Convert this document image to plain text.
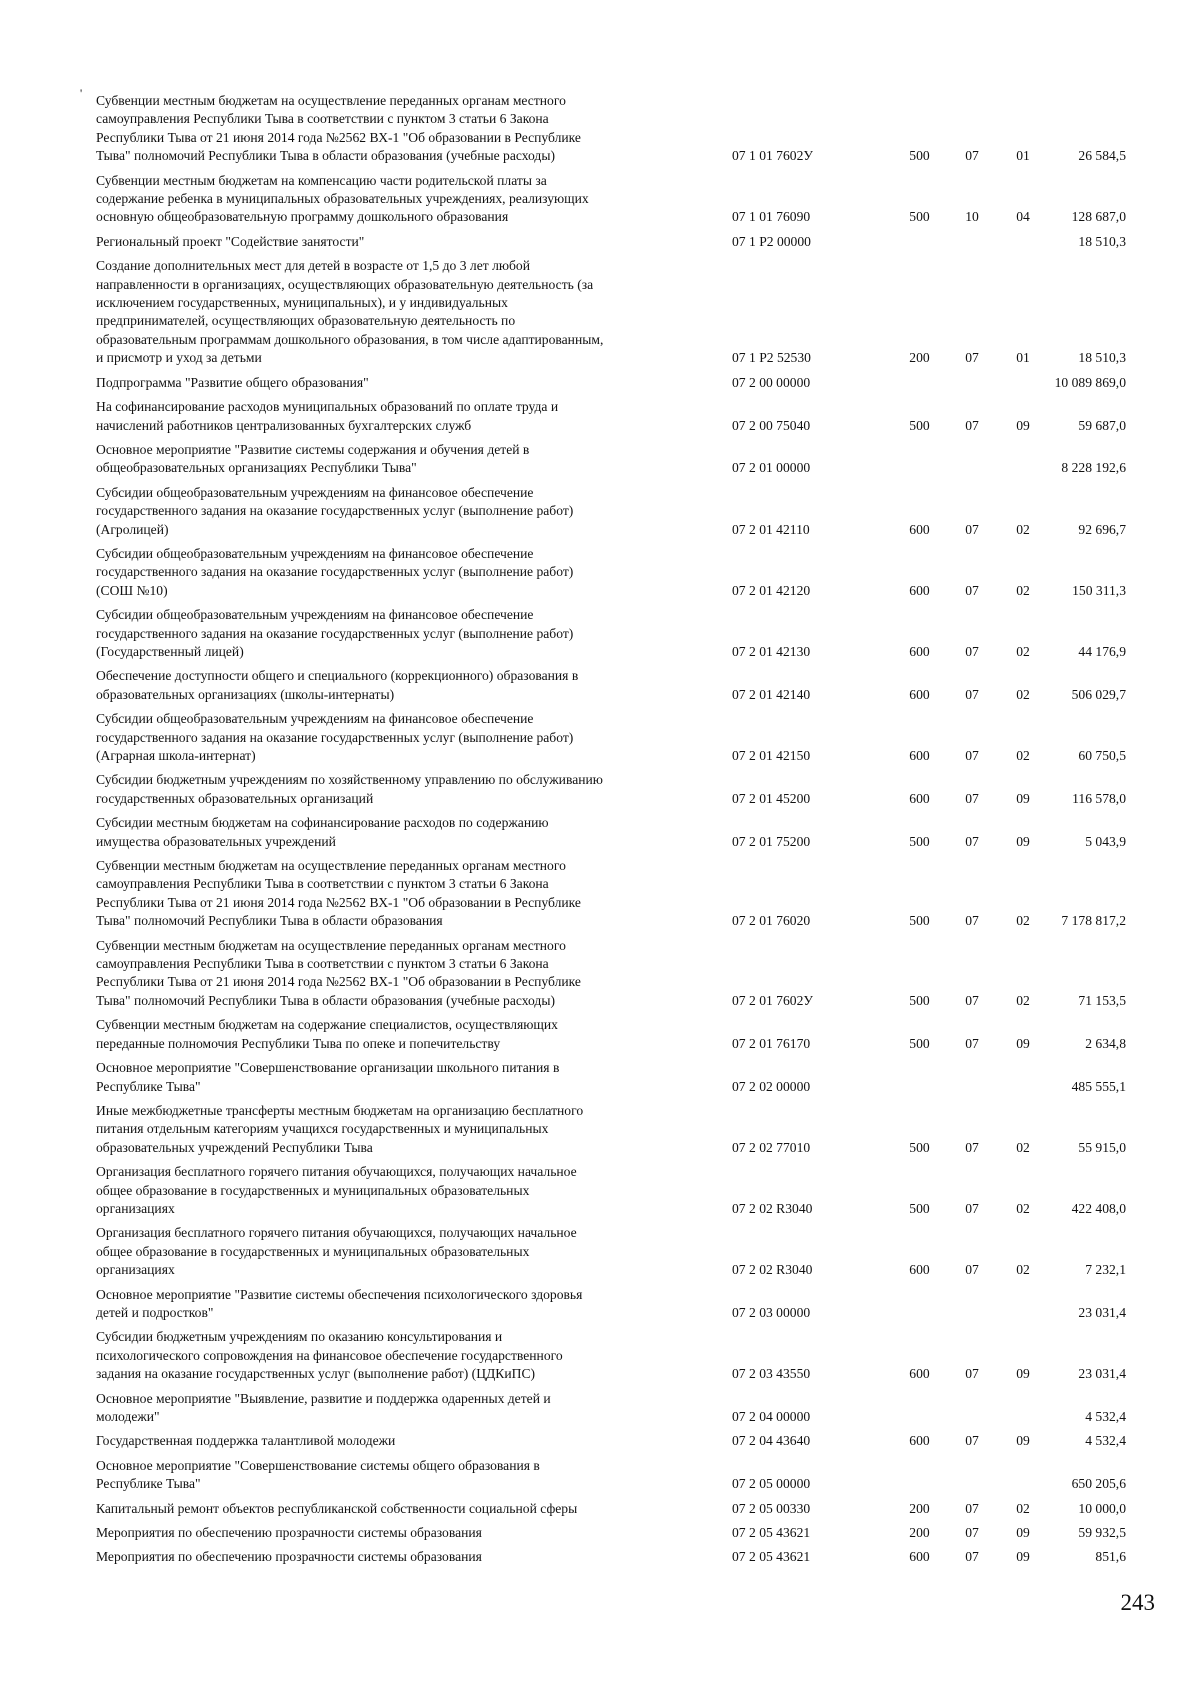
' Субвенции местным бюджетам на осуществление переданных органам местного
самоуправления Республики Тыва в соответствии с пунктом 3 статьи 6 Закона
Республики Тыва от 21 июня 2014 года №2562 ВХ-1 "Об образовании в Республике
Тыва" полномочий Республики Тыва в области образования (учебные расходы)	07 1 01 7602У	500	07	01	26 584,5
Субвенции местным бюджетам на компенсацию части родительской платы за
содержание ребенка в муниципальных образовательных учреждениях, реализующих
основную общеобразовательную программу дошкольного образования	07 1 01 76090	500	10	04	128 687,0
Региональный проект "Содействие занятости"	07 1 P2 00000	18 510,3
Создание дополнительных мест для детей в возрасте от 1,5 до 3 лет любой
направленности в организациях, осуществляющих образовательную деятельность (за
исключением государственных, муниципальных), и у индивидуальных
предпринимателей, осуществляющих образовательную деятельность по
образовательным программам дошкольного образования, в том числе адаптированным,
и присмотр и уход за детьми	07 1 P2 52530	200	07	01	18 510,3
Подпрограмма "Развитие общего образования"	07 2 00 00000	10 089 869,0
На софинансирование расходов муниципальных образований по оплате труда и
начислений работников централизованных бухгалтерских служб	07 2 00 75040	500	07	09	59 687,0
Основное мероприятие "Развитие системы содержания и обучения детей в
общеобразовательных организациях Республики Тыва"	07 2 01 00000	8 228 192,6
Субсидии общеобразовательным учреждениям на финансовое обеспечение
государственного задания на оказание государственных услуг (выполнение работ)
(Агролицей)	07 2 01 42110	600	07	02	92 696,7
Субсидии общеобразовательным учреждениям на финансовое обеспечение
государственного задания на оказание государственных услуг (выполнение работ)
(СОШ №10)	07 2 01 42120	600	07	02	150 311,3
Субсидии общеобразовательным учреждениям на финансовое обеспечение
государственного задания на оказание государственных услуг (выполнение работ)
(Государственный лицей)	07 2 01 42130	600	07	02	44 176,9
Обеспечение доступности общего и специального (коррекционного) образования в
образовательных организациях (школы-интернаты)	07 2 01 42140	600	07	02	506 029,7
Субсидии общеобразовательным учреждениям на финансовое обеспечение
государственного задания на оказание государственных услуг (выполнение работ)
(Аграрная школа-интернат)	07 2 01 42150	600	07	02	60 750,5
Субсидии бюджетным учреждениям по хозяйственному управлению по обслуживанию
государственных образовательных организаций	07 2 01 45200	600	07	09	116 578,0
Субсидии местным бюджетам на софинансирование расходов по содержанию
имущества образовательных учреждений	07 2 01 75200	500	07	09	5 043,9
Субвенции местным бюджетам на осуществление переданных органам местного
самоуправления Республики Тыва в соответствии с пунктом 3 статьи 6 Закона
Республики Тыва от 21 июня 2014 года №2562 ВХ-1 "Об образовании в Республике
Тыва" полномочий Республики Тыва в области образования	07 2 01 76020	500	07	02	7 178 817,2
Субвенции местным бюджетам на осуществление переданных органам местного
самоуправления Республики Тыва в соответствии с пунктом 3 статьи 6 Закона
Республики Тыва от 21 июня 2014 года №2562 ВХ-1 "Об образовании в Республике
Тыва" полномочий Республики Тыва в области образования (учебные расходы)	07 2 01 7602У	500	07	02	71 153,5
Субвенции местным бюджетам на содержание специалистов, осуществляющих
переданные полномочия Республики Тыва по опеке и попечительству	07 2 01 76170	500	07	09	2 634,8
Основное мероприятие "Совершенствование организации школьного питания в
Республике Тыва"	07 2 02 00000	485 555,1
Иные межбюджетные трансферты местным бюджетам на организацию бесплатного
питания отдельным категориям учащихся государственных и муниципальных
образовательных учреждений Республики Тыва	07 2 02 77010	500	07	02	55 915,0
Организация бесплатного горячего питания обучающихся, получающих начальное
общее образование в государственных и муниципальных образовательных
организациях	07 2 02 R3040	500	07	02	422 408,0
Организация бесплатного горячего питания обучающихся, получающих начальное
общее образование в государственных и муниципальных образовательных
организациях	07 2 02 R3040	600	07	02	7 232,1
Основное мероприятие "Развитие системы обеспечения психологического здоровья
детей и подростков"	07 2 03 00000	23 031,4
Субсидии бюджетным учреждениям по оказанию консультирования и
психологического сопровождения на финансовое обеспечение государственного
задания на оказание государственных услуг (выполнение работ) (ЦДКиПС)	07 2 03 43550	600	07	09	23 031,4
Основное мероприятие "Выявление, развитие и поддержка одаренных детей и
молодежи"	07 2 04 00000	4 532,4
Государственная поддержка талантливой молодежи	07 2 04 43640	600	07	09	4 532,4
Основное мероприятие "Совершенствование системы общего образования в
Республике Тыва"	07 2 05 00000	650 205,6
Капитальный ремонт объектов республиканской собственности социальной сферы	07 2 05 00330	200	07	02	10 000,0
Мероприятия по обеспечению прозрачности системы образования	07 2 05 43621	200	07	09	59 932,5
Мероприятия по обеспечению прозрачности системы образования	07 2 05 43621	600	07	09	851,6
243
